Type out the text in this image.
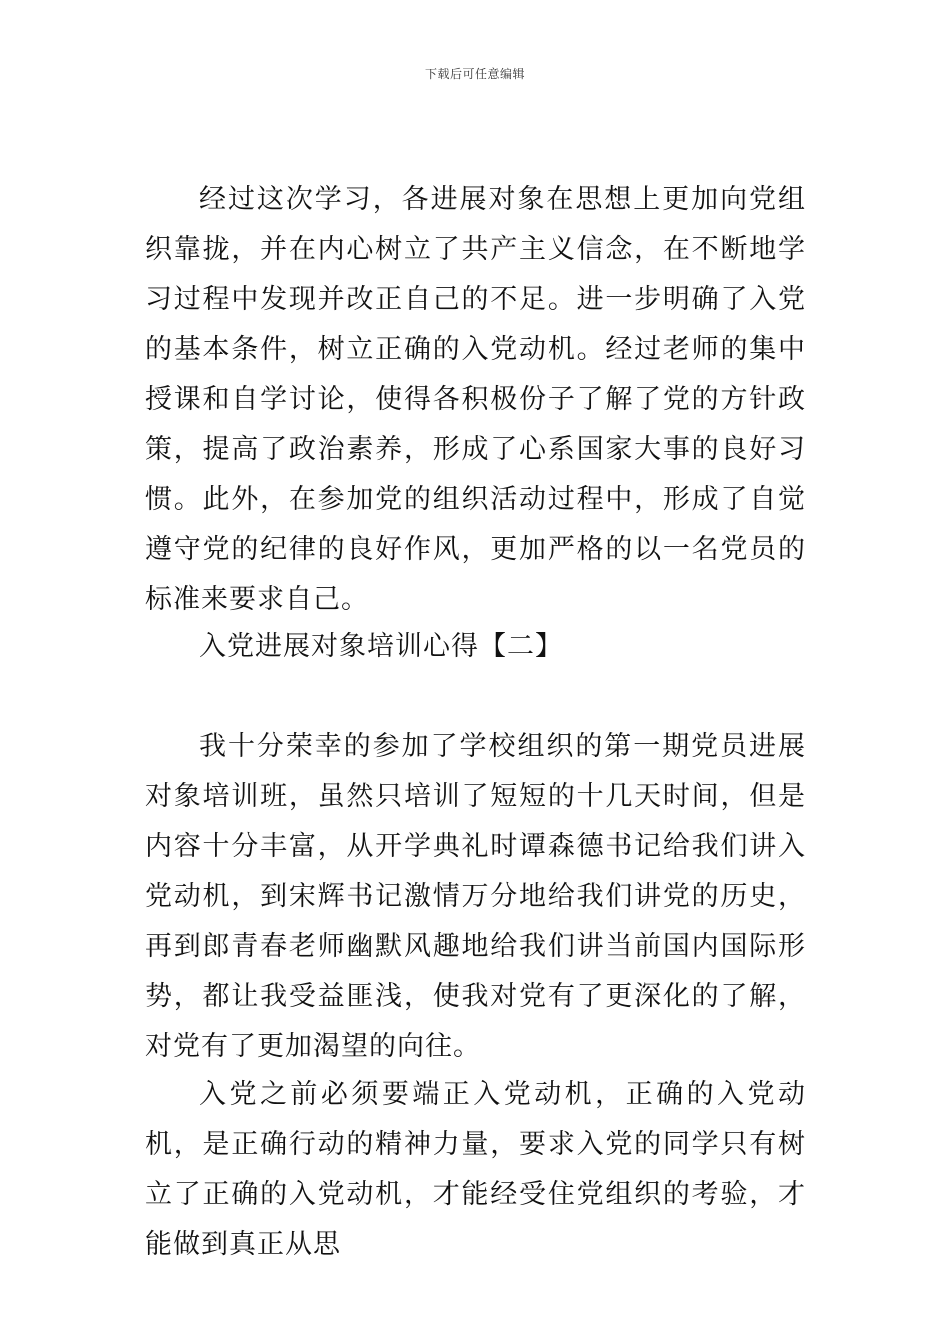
下载后可任意编辑

经过这次学习，各进展对象在思想上更加向党组织靠拢，并在内心树立了共产主义信念，在不断地学习过程中发现并改正自己的不足。进一步明确了入党的基本条件，树立正确的入党动机。经过老师的集中授课和自学讨论，使得各积极份子了解了党的方针政策，提高了政治素养，形成了心系国家大事的良好习惯。此外，在参加党的组织活动过程中，形成了自觉遵守党的纪律的良好作风，更加严格的以一名党员的标准来要求自己。

入党进展对象培训心得【二】

我十分荣幸的参加了学校组织的第一期党员进展对象培训班，虽然只培训了短短的十几天时间，但是内容十分丰富，从开学典礼时谭森德书记给我们讲入党动机，到宋辉书记激情万分地给我们讲党的历史，再到郎青春老师幽默风趣地给我们讲当前国内国际形势，都让我受益匪浅，使我对党有了更深化的了解，对党有了更加渴望的向往。

入党之前必须要端正入党动机，正确的入党动机，是正确行动的精神力量，要求入党的同学只有树立了正确的入党动机，才能经受住党组织的考验，才能做到真正从思
